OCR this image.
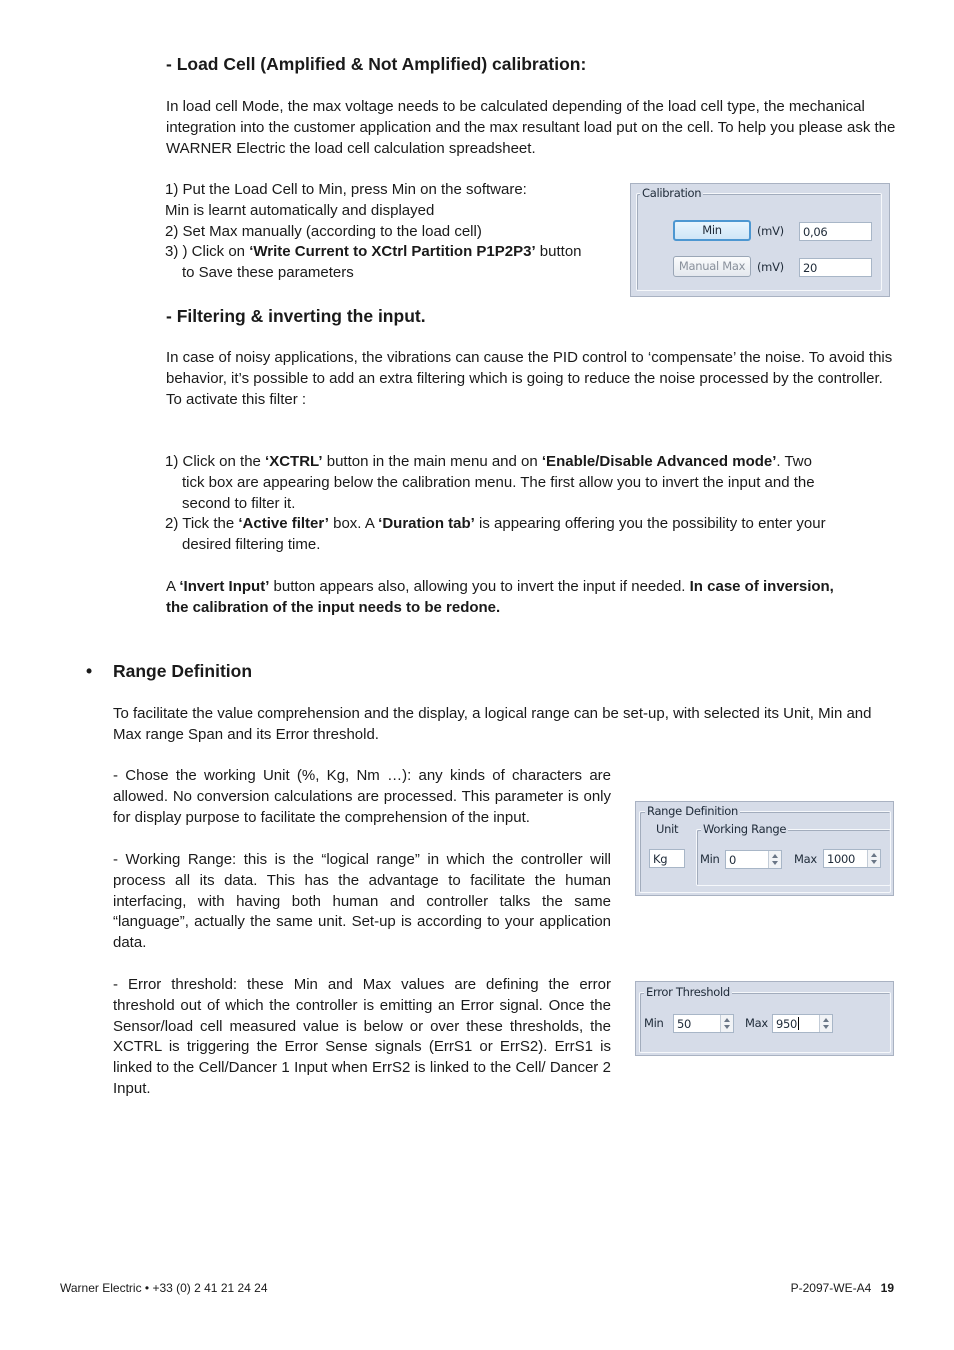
- Load Cell (Amplified & Not Amplified) calibration:

In load cell Mode, the max voltage needs to be calculated depending of the load cell type, the mechanical integration into the customer application and the max resultant load put on the cell. To help you please ask the WARNER Electric the load cell calculation spreadsheet.

1) Put the Load Cell to Min, press Min on the software:

Min is learnt automatically and displayed

2) Set Max manually (according to the load cell)

3) ) Click on ‘Write Current to XCtrl Partition P1P2P3’ button

to Save these parameters

Calibration
Min	(mV)	0,06
Manual Max	(mV)	20
- Filtering & inverting the input.

In case of noisy applications, the vibrations can cause the PID control to ‘compensate’ the noise. To avoid this behavior, it’s possible to add an extra filtering which is going to reduce the noise processed by the controller.

To activate this filter :

1) Click on the ‘XCTRL’ button in the main menu and on ‘Enable/Disable Advanced mode’. Two

tick box are appearing below the calibration menu. The first allow you to invert the input and the

second to filter it.

2) Tick the ‘Active filter’ box. A ‘Duration tab’ is appearing offering you the possibility to enter your

desired filtering time.

A ‘Invert Input’ button appears also, allowing you to invert the input if needed. In case of inversion,

the calibration of the input needs to be redone.

• Range Definition

To facilitate the value comprehension and the display, a logical range can be set-up, with selected its Unit, Min and Max range Span and its Error threshold.

- Chose the working Unit (%, Kg, Nm …): any kinds of characters are allowed. No conversion calculations are processed. This parameter is only for display purpose to facilitate the comprehension of the input.

- Working Range: this is the “logical range” in which the controller will process all its data. This has the advantage to facilitate the human interfacing, with having both human and controller talks the same “language”, actually the same unit. Set-up is according to your application data.

- Error threshold: these Min and Max values are defining the error threshold out of which the controller is emitting an Error signal. Once the Sensor/load cell measured value is below or over these thresholds, the XCTRL is triggering the Error Sense signals (ErrS1 or ErrS2). ErrS1 is linked to the Cell/Dancer 1 Input when ErrS2 is linked to the Cell/ Dancer 2 Input.

Range Definition
Unit
Kg
Working Range
Min 0	Max 1000
Error Threshold
Min	50	Max 950
Warner Electric • +33 (0) 2 41 21 24 24	P-2097-WE-A4 19
